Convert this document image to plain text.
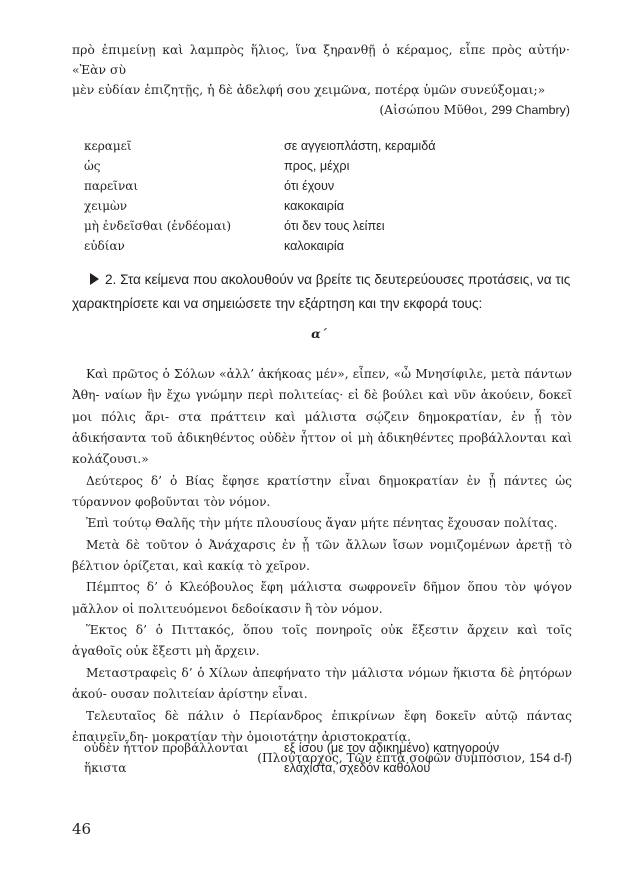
πρὸ ἐπιμείνῃ καὶ λαμπρὸς ἥλιος, ἵνα ξηρανθῇ ὁ κέραμος, εἶπε πρὸς αὐτήν· «Ἐὰν σὺ
μὲν εὐδίαν ἐπιζητῇς, ἡ δὲ ἀδελφή σου χειμῶνα, ποτέρᾳ ὑμῶν συνεύξομαι;»
(Αἰσώπου Μῦθοι, 299 Chambry)
κεραμεῖ	σε αγγειοπλάστη, κεραμιδά
ὡς	προς, μέχρι
παρεῖναι	ότι έχουν
χειμὼν	κακοκαιρία
μὴ ἐνδεῖσθαι (ἐνδέομαι)	ότι δεν τους λείπει
εὐδίαν	καλοκαιρία
2. Στα κείμενα που ακολουθούν να βρείτε τις δευτερεύουσες προτάσεις, να τις
χαρακτηρίσετε και να σημειώσετε την εξάρτηση και την εκφορά τους:
α΄

Καὶ πρῶτος ὁ Σόλων «ἀλλ’ ἀκήκοας μέν», εἶπεν, «ὦ Μνησίφιλε, μετὰ πάντων Ἀθη- ναίων ἣν ἔχω γνώμην περὶ πολιτείας· εἰ δὲ βούλει καὶ νῦν ἀκούειν, δοκεῖ μοι πόλις ἄρι- στα πράττειν καὶ μάλιστα σῴζειν δημοκρατίαν, ἐν ᾗ τὸν ἀδικήσαντα τοῦ ἀδικηθέντος οὐδὲν ἧττον οἱ μὴ ἀδικηθέντες προβάλλονται καὶ κολάζουσι.»

Δεύτερος δ’ ὁ Βίας ἔφησε κρατίστην εἶναι δημοκρατίαν ἐν ᾗ πάντες ὡς τύραννον φοβοῦνται τὸν νόμον.

Ἐπὶ τούτῳ Θαλῆς τὴν μήτε πλουσίους ἄγαν μήτε πένητας ἔχουσαν πολίτας.

Μετὰ δὲ τοῦτον ὁ Ἀνάχαρσις ἐν ᾗ τῶν ἄλλων ἴσων νομιζομένων ἀρετῇ τὸ βέλτιον ὁρίζεται, καὶ κακίᾳ τὸ χεῖρον.

Πέμπτος δ’ ὁ Κλεόβουλος ἔφη μάλιστα σωφρονεῖν δῆμον ὅπου τὸν ψόγον μᾶλλον οἱ πολιτευόμενοι δεδοίκασιν ἢ τὸν νόμον.

Ἕκτος δ’ ὁ Πιττακός, ὅπου τοῖς πονηροῖς οὐκ ἔξεστιν ἄρχειν καὶ τοῖς ἀγαθοῖς οὐκ ἔξεστι μὴ ἄρχειν.

Μεταστραφεὶς δ’ ὁ Χίλων ἀπεφήνατο τὴν μάλιστα νόμων ἥκιστα δὲ ῥητόρων ἀκού- ουσαν πολιτείαν ἀρίστην εἶναι.

Τελευταῖος δὲ πάλιν ὁ Περίανδρος ἐπικρίνων ἔφη δοκεῖν αὐτῷ πάντας ἐπαινεῖν δη- μοκρατίαν τὴν ὁμοιοτάτην ἀριστοκρατίᾳ.

(Πλούταρχος, Τῶν ἑπτὰ σοφῶν συμπόσιον, 154 d-f)

οὐδὲν ἧττον προβάλλονται	εξ ίσου (με τον αδικημένο) κατηγορούν
ἥκιστα	ελάχιστα, σχεδόν καθόλου
46
